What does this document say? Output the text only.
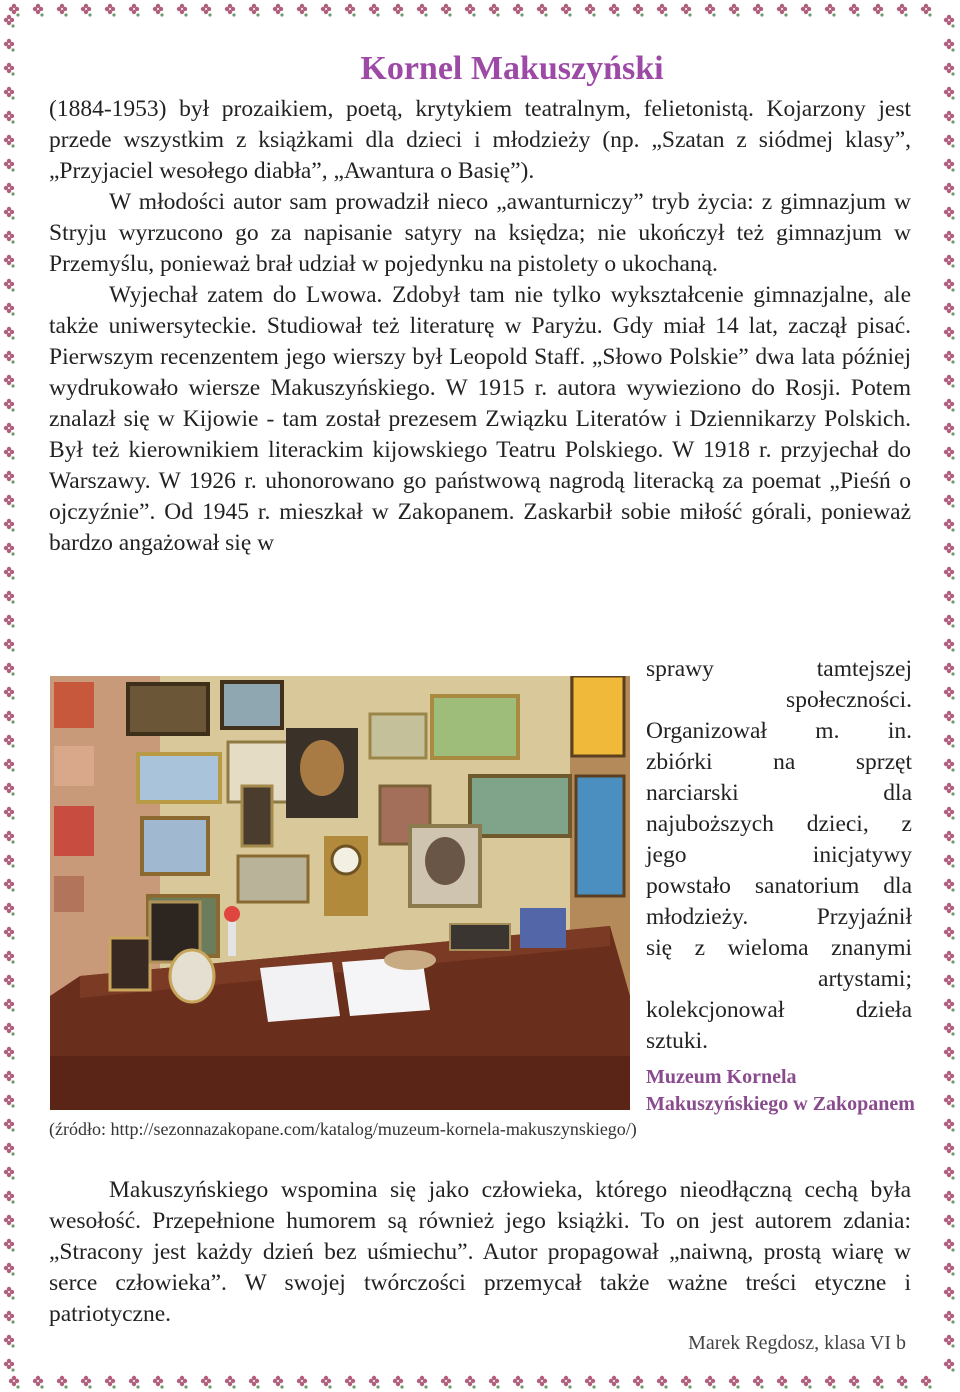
Kornel Makuszyński

(1884-1953) był prozaikiem, poetą, krytykiem teatralnym, felietonistą. Kojarzony jest przede wszystkim z książkami dla dzieci i młodzieży (np. „Szatan z siódmej klasy”, „Przyjaciel wesołego diabła”, „Awantura o Basię”).

W młodości autor sam prowadził nieco „awanturniczy” tryb życia: z gimnazjum w Stryju wyrzucono go za napisanie satyry na księdza; nie ukończył też gimnazjum w Przemyślu, ponieważ brał udział w pojedynku na pistolety o ukochaną.

Wyjechał zatem do Lwowa. Zdobył tam nie tylko wykształcenie gimnazjalne, ale także uniwersyteckie. Studiował też literaturę w Paryżu. Gdy miał 14 lat, zaczął pisać. Pierwszym recenzentem jego wierszy był Leopold Staff. „Słowo Polskie” dwa lata później wydrukowało wiersze Makuszyńskiego. W 1915 r. autora wywieziono do Rosji. Potem znalazł się w Kijowie - tam został prezesem Związku Literatów i Dziennikarzy Polskich. Był też kierownikiem literackim kijowskiego Teatru Polskiego. W 1918 r. przyjechał do Warszawy. W 1926 r. uhonorowano go państwową nagrodą literacką za poemat „Pieśń o ojczyźnie”. Od 1945 r. mieszkał w Zakopanem. Zaskarbił sobie miłość górali, ponieważ bardzo angażował się w

sprawy tamtejszej
społeczności.
Organizował m. in.
zbiórki na sprzęt
narciarski dla
najuboższych dzieci, z
jego inicjatywy
powstało sanatorium dla
młodzieży. Przyjaźnił
się z wieloma znanymi
artystami;
kolekcjonował dzieła
sztuki.
Muzeum Kornela Makuszyńskiego w Zakopanem
(źródło: http://sezonnazakopane.com/katalog/muzeum-kornela-makuszynskiego/)

Makuszyńskiego wspomina się jako człowieka, którego nieodłączną cechą była wesołość. Przepełnione humorem są również jego książki. To on jest autorem zdania: „Stracony jest każdy dzień bez uśmiechu”. Autor propagował „naiwną, prostą wiarę w serce człowieka”. W swojej twórczości przemycał także ważne treści etyczne i patriotyczne.

Marek Regdosz, klasa VI b
